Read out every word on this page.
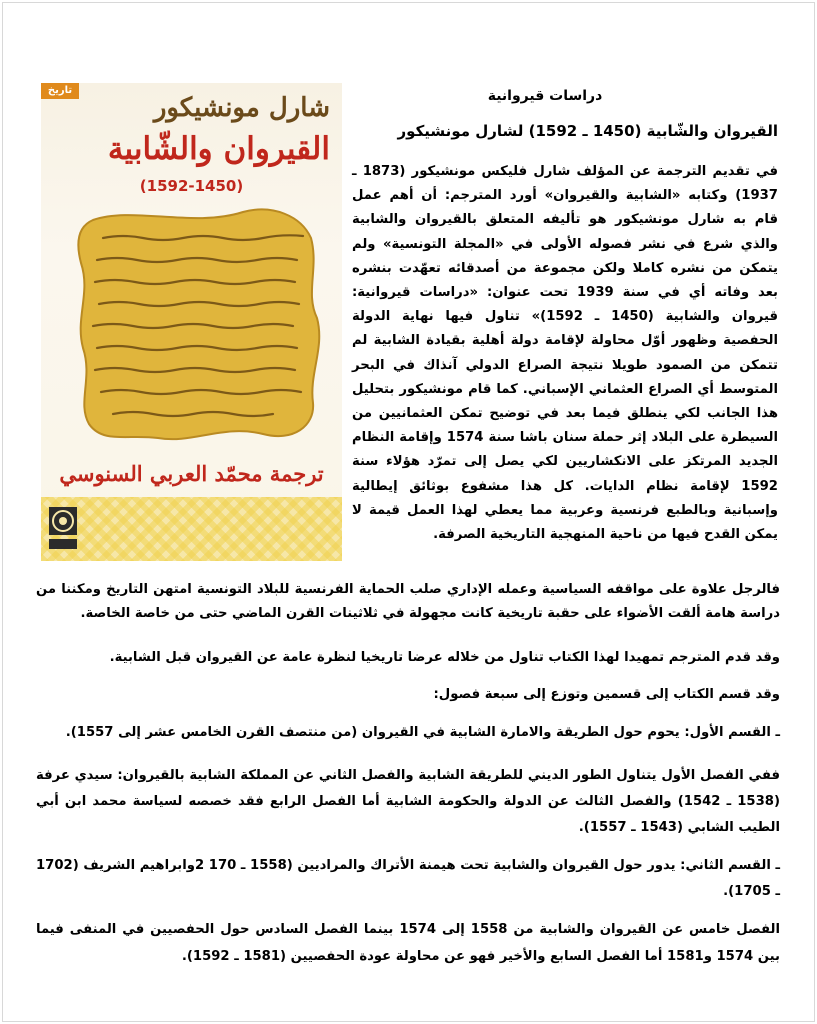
تاريخ
شارل مونشيكور
القيروان والشّابية
(1592-1450)
ترجمة محمّد العربي السنوسي
دراسات قيروانية
القيروان والشّابية (1450 ـ 1592) لشارل مونشيكور
في تقديم الترجمة عن المؤلف شارل فليكس مونشيكور (1873 ـ 1937) وكتابه «الشابية والقيروان» أورد المترجم: أن أهم عمل قام به شارل مونشيكور هو تأليفه المتعلق بالقيروان والشابية والذي شرع في نشر فصوله الأولى في «المجلة التونسية» ولم يتمكن من نشره كاملا ولكن مجموعة من أصدقائه تعهّدت بنشره بعد وفاته أي في سنة 1939 تحت عنوان: «دراسات قيروانية: قيروان والشابية (1450 ـ 1592)» تناول فيها نهاية الدولة الحفصية وظهور أوّل محاولة لإقامة دولة أهلية بقيادة الشابية لم تتمكن من الصمود طويلا نتيجة الصراع الدولي آنذاك في البحر المتوسط أي الصراع العثماني الإسباني. كما قام مونشيكور بتحليل هذا الجانب لكي ينطلق فيما بعد في توضيح تمكن العثمانيين من السيطرة على البلاد إثر حملة سنان باشا سنة 1574 وإقامة النظام الجديد المرتكز على الانكشاريين لكي يصل إلى تمرّد هؤلاء سنة 1592 لإقامة نظام الدايات. كل هذا مشفوع بوثائق إيطالية وإسبانية وبالطبع فرنسية وعربية مما يعطي لهذا العمل قيمة لا يمكن القدح فيها من ناحية المنهجية التاريخية الصرفة.
فالرجل علاوة على مواقفه السياسية وعمله الإداري صلب الحماية الفرنسية للبلاد التونسية امتهن التاريخ ومكننا من دراسة هامة ألقت الأضواء على حقبة تاريخية كانت مجهولة في ثلاثينات القرن الماضي حتى من خاصة الخاصة.
وقد قدم المترجم تمهيدا لهذا الكتاب تناول من خلاله عرضا تاريخيا لنظرة عامة عن القيروان قبل الشابية.
وقد قسم الكتاب إلى قسمين وتوزع إلى سبعة فصول:
ـ القسم الأول: يحوم حول الطريقة والامارة الشابية في القيروان (من منتصف القرن الخامس عشر إلى 1557).
ففي الفصل الأول يتناول الطور الديني للطريقة الشابية والفصل الثاني عن المملكة الشابية بالقيروان: سيدي عرفة (1538 ـ 1542) والفصل الثالث عن الدولة والحكومة الشابية أما الفصل الرابع فقد خصصه لسياسة محمد ابن أبي الطيب الشابي (1543 ـ 1557).
ـ القسم الثاني: يدور حول القيروان والشابية تحت هيمنة الأتراك والمراديين (1558 ـ 170 2وابراهيم الشريف (1702 ـ 1705).
الفصل خامس عن القيروان والشابية من 1558 إلى 1574 بينما الفصل السادس حول الحفصيين في المنفى فيما بين 1574 و1581 أما الفصل السابع والأخير فهو عن محاولة عودة الحفصيين (1581 ـ 1592).
